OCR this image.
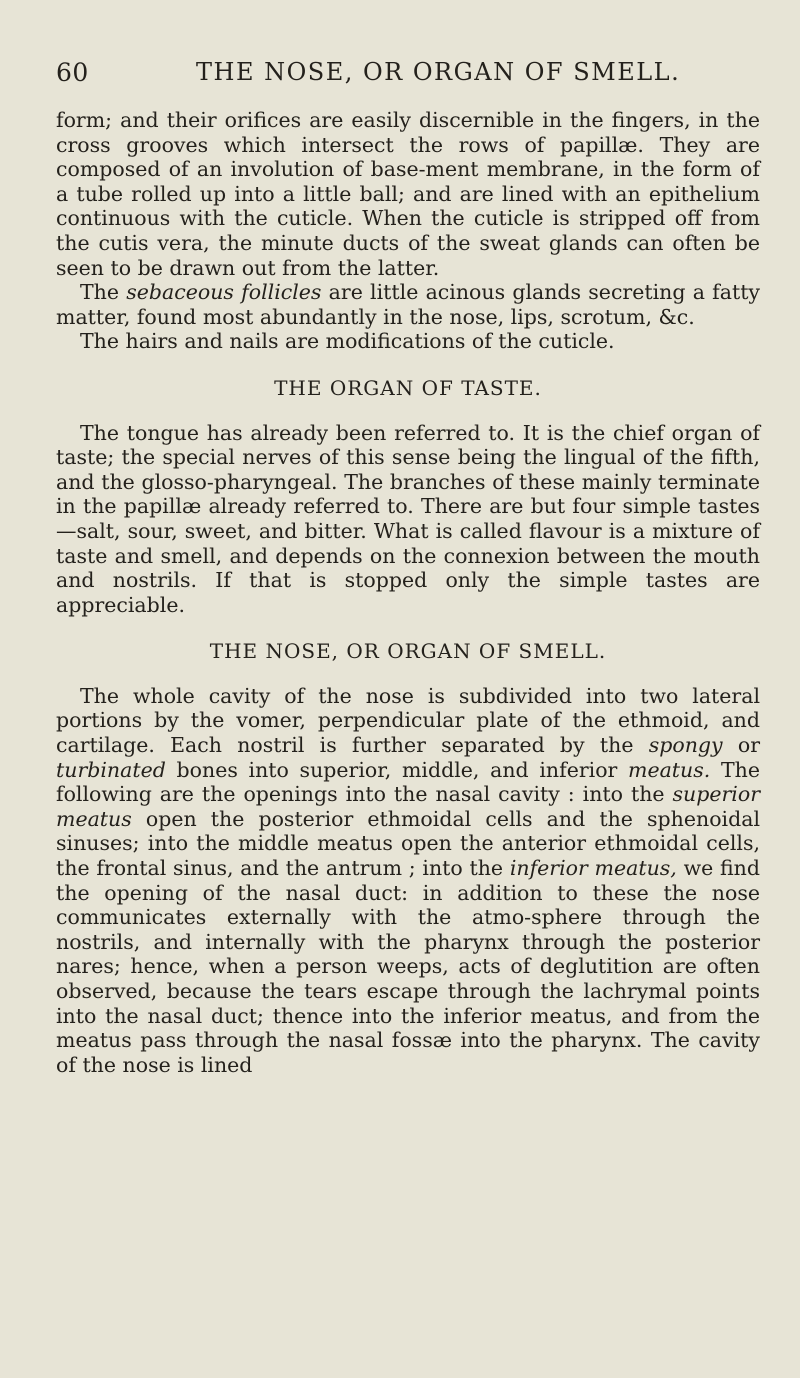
60	THE NOSE, OR ORGAN OF SMELL.

form; and their orifices are easily discernible in the fingers, in the cross grooves which intersect the rows of papillæ. They are composed of an involution of base-ment membrane, in the form of a tube rolled up into a little ball; and are lined with an epithelium continuous with the cuticle. When the cuticle is stripped off from the cutis vera, the minute ducts of the sweat glands can often be seen to be drawn out from the latter.

The sebaceous follicles are little acinous glands secreting a fatty matter, found most abundantly in the nose, lips, scrotum, &c.

The hairs and nails are modifications of the cuticle.

THE ORGAN OF TASTE.

The tongue has already been referred to. It is the chief organ of taste; the special nerves of this sense being the lingual of the fifth, and the glosso-pharyngeal. The branches of these mainly terminate in the papillæ already referred to. There are but four simple tastes—salt, sour, sweet, and bitter. What is called flavour is a mixture of taste and smell, and depends on the connexion between the mouth and nostrils. If that is stopped only the simple tastes are appreciable.

THE NOSE, OR ORGAN OF SMELL.

The whole cavity of the nose is subdivided into two lateral portions by the vomer, perpendicular plate of the ethmoid, and cartilage. Each nostril is further separated by the spongy or turbinated bones into superior, middle, and inferior meatus. The following are the openings into the nasal cavity : into the superior meatus open the posterior ethmoidal cells and the sphenoidal sinuses; into the middle meatus open the anterior ethmoidal cells, the frontal sinus, and the antrum ; into the inferior meatus, we find the opening of the nasal duct: in addition to these the nose communicates externally with the atmo-sphere through the nostrils, and internally with the pharynx through the posterior nares; hence, when a person weeps, acts of deglutition are often observed, because the tears escape through the lachrymal points into the nasal duct; thence into the inferior meatus, and from the meatus pass through the nasal fossæ into the pharynx. The cavity of the nose is lined
